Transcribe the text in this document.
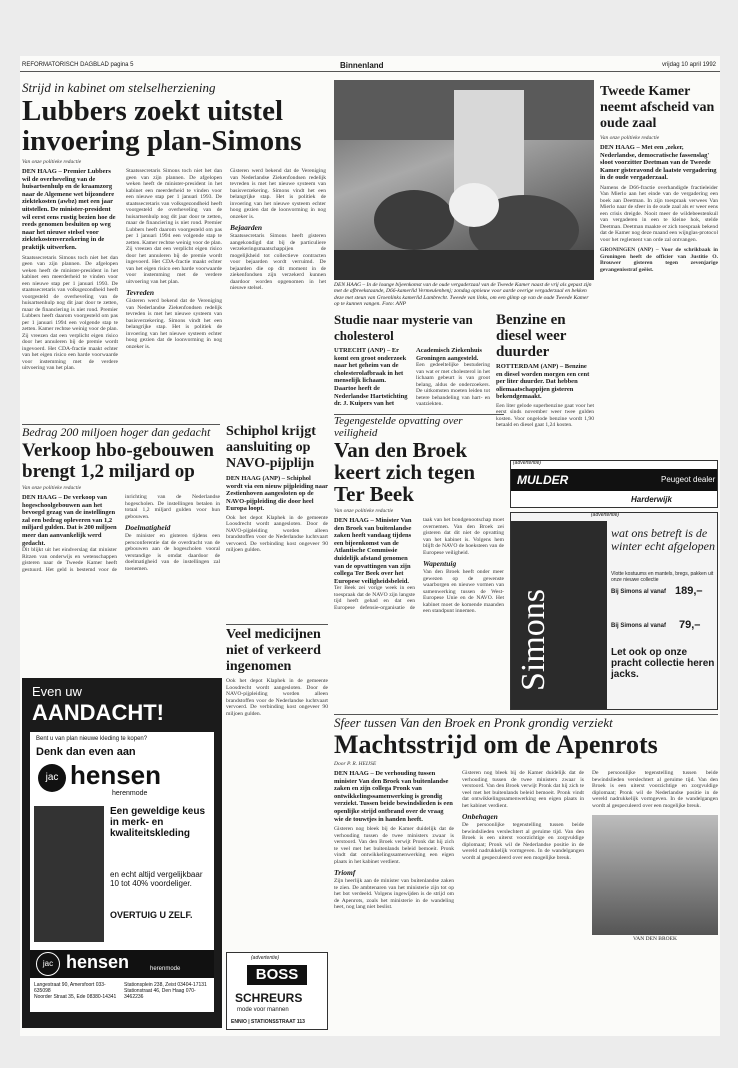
REFORMATORISCH DAGBLAD pagina 5	Binnenland	vrijdag 10 april 1992
Strijd in kabinet om stelselherziening
Lubbers zoekt uitstel invoering plan-Simons
Van onze politieke redactie
DEN HAAG – Premier Lubbers wil de overheveling van de huisartsenhulp en de kraamzorg naar de Algemene wet bijzondere ziektekosten (awbz) met een jaar uitstellen. De minister-president wil eerst eens rustig bezien hoe de reeds genomen besluiten op weg naar het nieuwe stelsel voor ziektekostenverzekering in de praktijk uitwerken.
Staatssecretaris Simons toch niet het dan geen van zijn plannen. De afgelopen weken heeft de minister-president in het kabinet een meerderheid te vinden voor een nieuwe stap per 1 januari 1993. De staatssecretaris van volksgezondheid heeft voorgesteld de overheveling van de huisartsenhulp nog dit jaar door te zetten, maar de financiering is niet rond. Premier Lubbers heeft daarom voorgesteld om pas per 1 januari 1994 een volgende stap te zetten. Kamer rechtse weinig voor de plan. Zij vreezen dat een verplicht eigen risico door het annuleren bij de premie wordt ingevoerd. Het CDA-fractie maakt echter van het eigen risico een harde voorwaarde voor instemming met de verdere uitvoering van het plan.
Staatssecretaris Simons toch niet het dan geen van zijn plannen. De afgelopen weken heeft de minister-president in het kabinet een meerderheid te vinden voor een nieuwe stap per 1 januari 1993. De staatssecretaris van volksgezondheid heeft voorgesteld de overheveling van de huisartsenhulp nog dit jaar door te zetten, maar de financiering is niet rond. Premier Lubbers heeft daarom voorgesteld om pas per 1 januari 1994 een volgende stap te zetten. Kamer rechtse weinig voor de plan. Zij vreezen dat een verplicht eigen risico door het annuleren bij de premie wordt ingevoerd. Het CDA-fractie maakt echter van het eigen risico een harde voorwaarde voor instemming met de verdere uitvoering van het plan.
Tevreden
Gisteren werd bekend dat de Vereniging van Nederlandse Ziekenfondsen redelijk tevreden is met het nieuwe systeem van basisverzekering. Simons vindt het een belangrijke stap. Het is politiek de invoering van het nieuwe systeem echter hoog gezien dat de loonvorming in nog onzeker is.
Gisteren werd bekend dat de Vereniging van Nederlandse Ziekenfondsen redelijk tevreden is met het nieuwe systeem van basisverzekering. Simons vindt het een belangrijke stap. Het is politiek de invoering van het nieuwe systeem echter hoog gezien dat de loonvorming in nog onzeker is.
Bejaarden
Staatssecretaris Simons heeft gisteren aangekondigd dat bij de particuliere verzekeringsmaatschappijen de mogelijkheid tot collectieve contracten voor bejaarden wordt verruimd. De bejaarden die op dit moment in de ziekenfondsen zijn verzekerd kunnen daardoor worden opgenomen in het nieuwe stelsel.	DEN HAAG – In de lounge bijeenkomst van de oude vergaderzaal van de Tweede Kamer naast de vrij als gepast zijn met de afbreekstaande, D66-kamerlid Vermeulenbenj; zondag opnieuw voor aarde overige vergaderzaal en bekken deze met steun van Groenlinks kamerlid Lambrecht. Tweede van links, om een glimp op van de oude Tweede Kamer op te kunnen vangen. Foto: ANP
Tweede Kamer neemt afscheid van oude zaal
Van onze politieke redactie
DEN HAAG – Met een ‚zeker, Nederlandse, democratische fassenslag' sloot voorzitter Deetman van de Tweede Kamer gisteravond de laatste vergadering in de oude vergaderzaal.
Namens de D66-fractie overhandigde fractieleider Van Mierlo aan het einde van de vergadering een boek aan Deetman. In zijn toespraak verwees Van Mierlo naar de sfeer in de oude zaal als er weer eens een crisis dreigde. Nooit meer de wildebeestenkuil van vergaderen in een te kleine hok, stelde Deetman. Deetman maakte er zich toespraak bekend dat de Kamer nog deze maand een wijnglas-protocol voor het reglement van orde zal ontvangen.
GRONINGEN (ANP) – Voor de schrikbaak in Groningen heeft de officier van Justitie O. Brouwer gisteren tegen zevenjarige gevangenisstraf geëist.
Studie naar mysterie van cholesterol
UTRECHT (ANP) – Er komt een groot onderzoek naar het geheim van de cholesterolafbraak in het menselijk lichaam. Daartoe heeft de Nederlandse Hartstichting dr. J. Kuipers van het Academisch Ziekenhuis Groningen aangesteld.
Een gedeeltelijke bestudering van wat er met cholesterol in het lichaam gebeurt is van groot belang, aldus de onderzoekers. De uitkomsten moeten leiden tot betere behandeling van hart- en vaatziekten.
Benzine en diesel weer duurder
ROTTERDAM (ANP) – Benzine en diesel worden morgen een cent per liter duurder. Dat hebben oliemaatschappijen gisteren bekendgemaakt.
Een liter gelode superbenzine gaat voor het eerst sinds november weer twee gulden kosten. Voor ongelode benzine wordt 1,90 betaald en diesel gaat 1,24 kosten.
Bedrag 200 miljoen hoger dan gedacht
Verkoop hbo-gebouwen brengt 1,2 miljard op
Van onze politieke redactie
DEN HAAG – De verkoop van hogeschoolgebouwen aan het bevoegd gezag van de instellingen zal een bedrag opleveren van 1,2 miljard gulden. Dat is 200 miljoen meer dan aanvankelijk werd gedacht.
Dit blijkt uit het eindverslag dat minister Ritzen van onderwijs en wetenschappen gisteren naar de Tweede Kamer heeft gestuurd. Het geld is bestemd voor de inrichting van de Nederlandse hogescholen. De instellingen betalen in totaal 1,2 miljard gulden voor hun gebouwen.
Doelmatigheid
De minister en gisteren tijdens een persconferentie dat de overdracht van de gebouwen aan de hogescholen vooral verstandige is omdat daardoor de doelmatigheid van de instellingen zal toenemen.
Schiphol krijgt aansluiting op NAVO-pijplijn
DEN HAAG (ANP) – Schiphol wordt via een nieuw pijpleiding naar Zestienhoven aangesloten op de NAVO-pijpleiding die door heel Europa loopt.
Ook het depot Klaphek in de gemeente Loosdrecht wordt aangesloten. Door de NAVO-pijpleiding worden alleen brandstoffen voor de Nederlandse luchtvaart vervoerd. De verbinding kost ongeveer 90 miljoen gulden.
Tegengestelde opvatting over veiligheid
Van den Broek keert zich tegen Ter Beek
Van onze politieke redactie
DEN HAAG – Minister Van den Broek van buitenlandse zaken heeft vandaag tijdens een bijeenkomst van de Atlantische Commissie duidelijk afstand genomen van de opvattingen van zijn collega Ter Beek over het Europese veiligheidsbeleid.
Ter Beek zei vorige week in een toespraak dat de NAVO zijn langste tijd heeft gehad en dat een Europese defensie-organisatie de taak van het bondgenootschap moet overnemen. Van den Broek zei gisteren dat dit niet de opvatting van het kabinet is. Volgens hem blijft de NAVO de hoeksteen van de Europese veiligheid.
Wapentuig
Van den Broek heeft onder meer gewezen op de gewenste waarborgen en nieuwe vormen van samenwerking tussen de West-Europese Unie en de NAVO. Het kabinet moet de komende maanden een standpunt innemen.
(advertentie)
MULDER	Peugeot dealer
Harderwijk
(advertentie)
Simons
wat ons betreft is de
winter echt afgelopen
Vlotte kostuums en mantels, bregs, pakken uit onze nieuwe collectie
Bij Simons al vanaf 189,–
Bij Simons al vanaf 79,–
Let ook op onze pracht collectie heren jacks.
Even uw
AANDACHT!
Bent u van plan nieuwe kleding te kopen?
Denk dan even aan
jac hensen
herenmode
Een geweldige keus in merk- en kwaliteitskleding
en echt altijd vergelijkbaar 10 tot 40% voordeliger.
OVERTUIG U ZELF.
jac hensen	herenmode
Langestraat 90, Amersfoort 033-635098
Noorder Straat 35, Ede 08380-14341
Stationsplein 238, Zeist 03404-17131
Stationstraat 46, Den Haag 070-3462236
Veel medicijnen niet of verkeerd ingenomen
Ook het depot Klaphek in de gemeente Loosdrecht wordt aangesloten. Door de NAVO-pijpleiding worden alleen brandstoffen voor de Nederlandse luchtvaart vervoerd. De verbinding kost ongeveer 90 miljoen gulden.
(advertentie)
BOSS
SCHREURS
mode voor mannen
ENNIO | STATIONSSTRAAT 113
Sfeer tussen Van den Broek en Pronk grondig verziekt
Machtsstrijd om de Apenrots
Door P. R. HEIJSE
DEN HAAG – De verhouding tussen minister Van den Broek van buitenlandse zaken en zijn collega Pronk van ontwikkelingssamenwerking is grondig verziekt. Tussen beide bewindslieden is een openlijke strijd ontbrand over de vraag wie de touwtjes in handen heeft.
Gisteren nog bleek bij de Kamer duidelijk dat de verhouding tussen de twee ministers zwaar is verstoord. Van den Broek verwijt Pronk dat hij zich te veel met het buitenlands beleid bemoeit. Pronk vindt dat ontwikkelingssamenwerking een eigen plaats in het kabinet verdient.
Triomf
Zijn heerlijk aan de minister van buitenlandse zaken te zien. De ambtenaren van het ministerie zijn tot op het bot verdeeld. Volgens ingewijden is de strijd om de Apenrots, zoals het ministerie in de wandeling heet, nog lang niet beslist.
Gisteren nog bleek bij de Kamer duidelijk dat de verhouding tussen de twee ministers zwaar is verstoord. Van den Broek verwijt Pronk dat hij zich te veel met het buitenlands beleid bemoeit. Pronk vindt dat ontwikkelingssamenwerking een eigen plaats in het kabinet verdient.
Onbehagen
De persoonlijke tegenstelling tussen beide bewindslieden verslechtert al geruime tijd. Van den Broek is een uiterst voorzichtige en zorgvuldige diplomaat; Pronk wil de Nederlandse positie in de wereld nadrukkelijk vormgeven. In de wandelgangen wordt al gespeculeerd over een mogelijke breuk.
De persoonlijke tegenstelling tussen beide bewindslieden verslechtert al geruime tijd. Van den Broek is een uiterst voorzichtige en zorgvuldige diplomaat; Pronk wil de Nederlandse positie in de wereld nadrukkelijk vormgeven. In de wandelgangen wordt al gespeculeerd over een mogelijke breuk.
VAN DEN BROEK
